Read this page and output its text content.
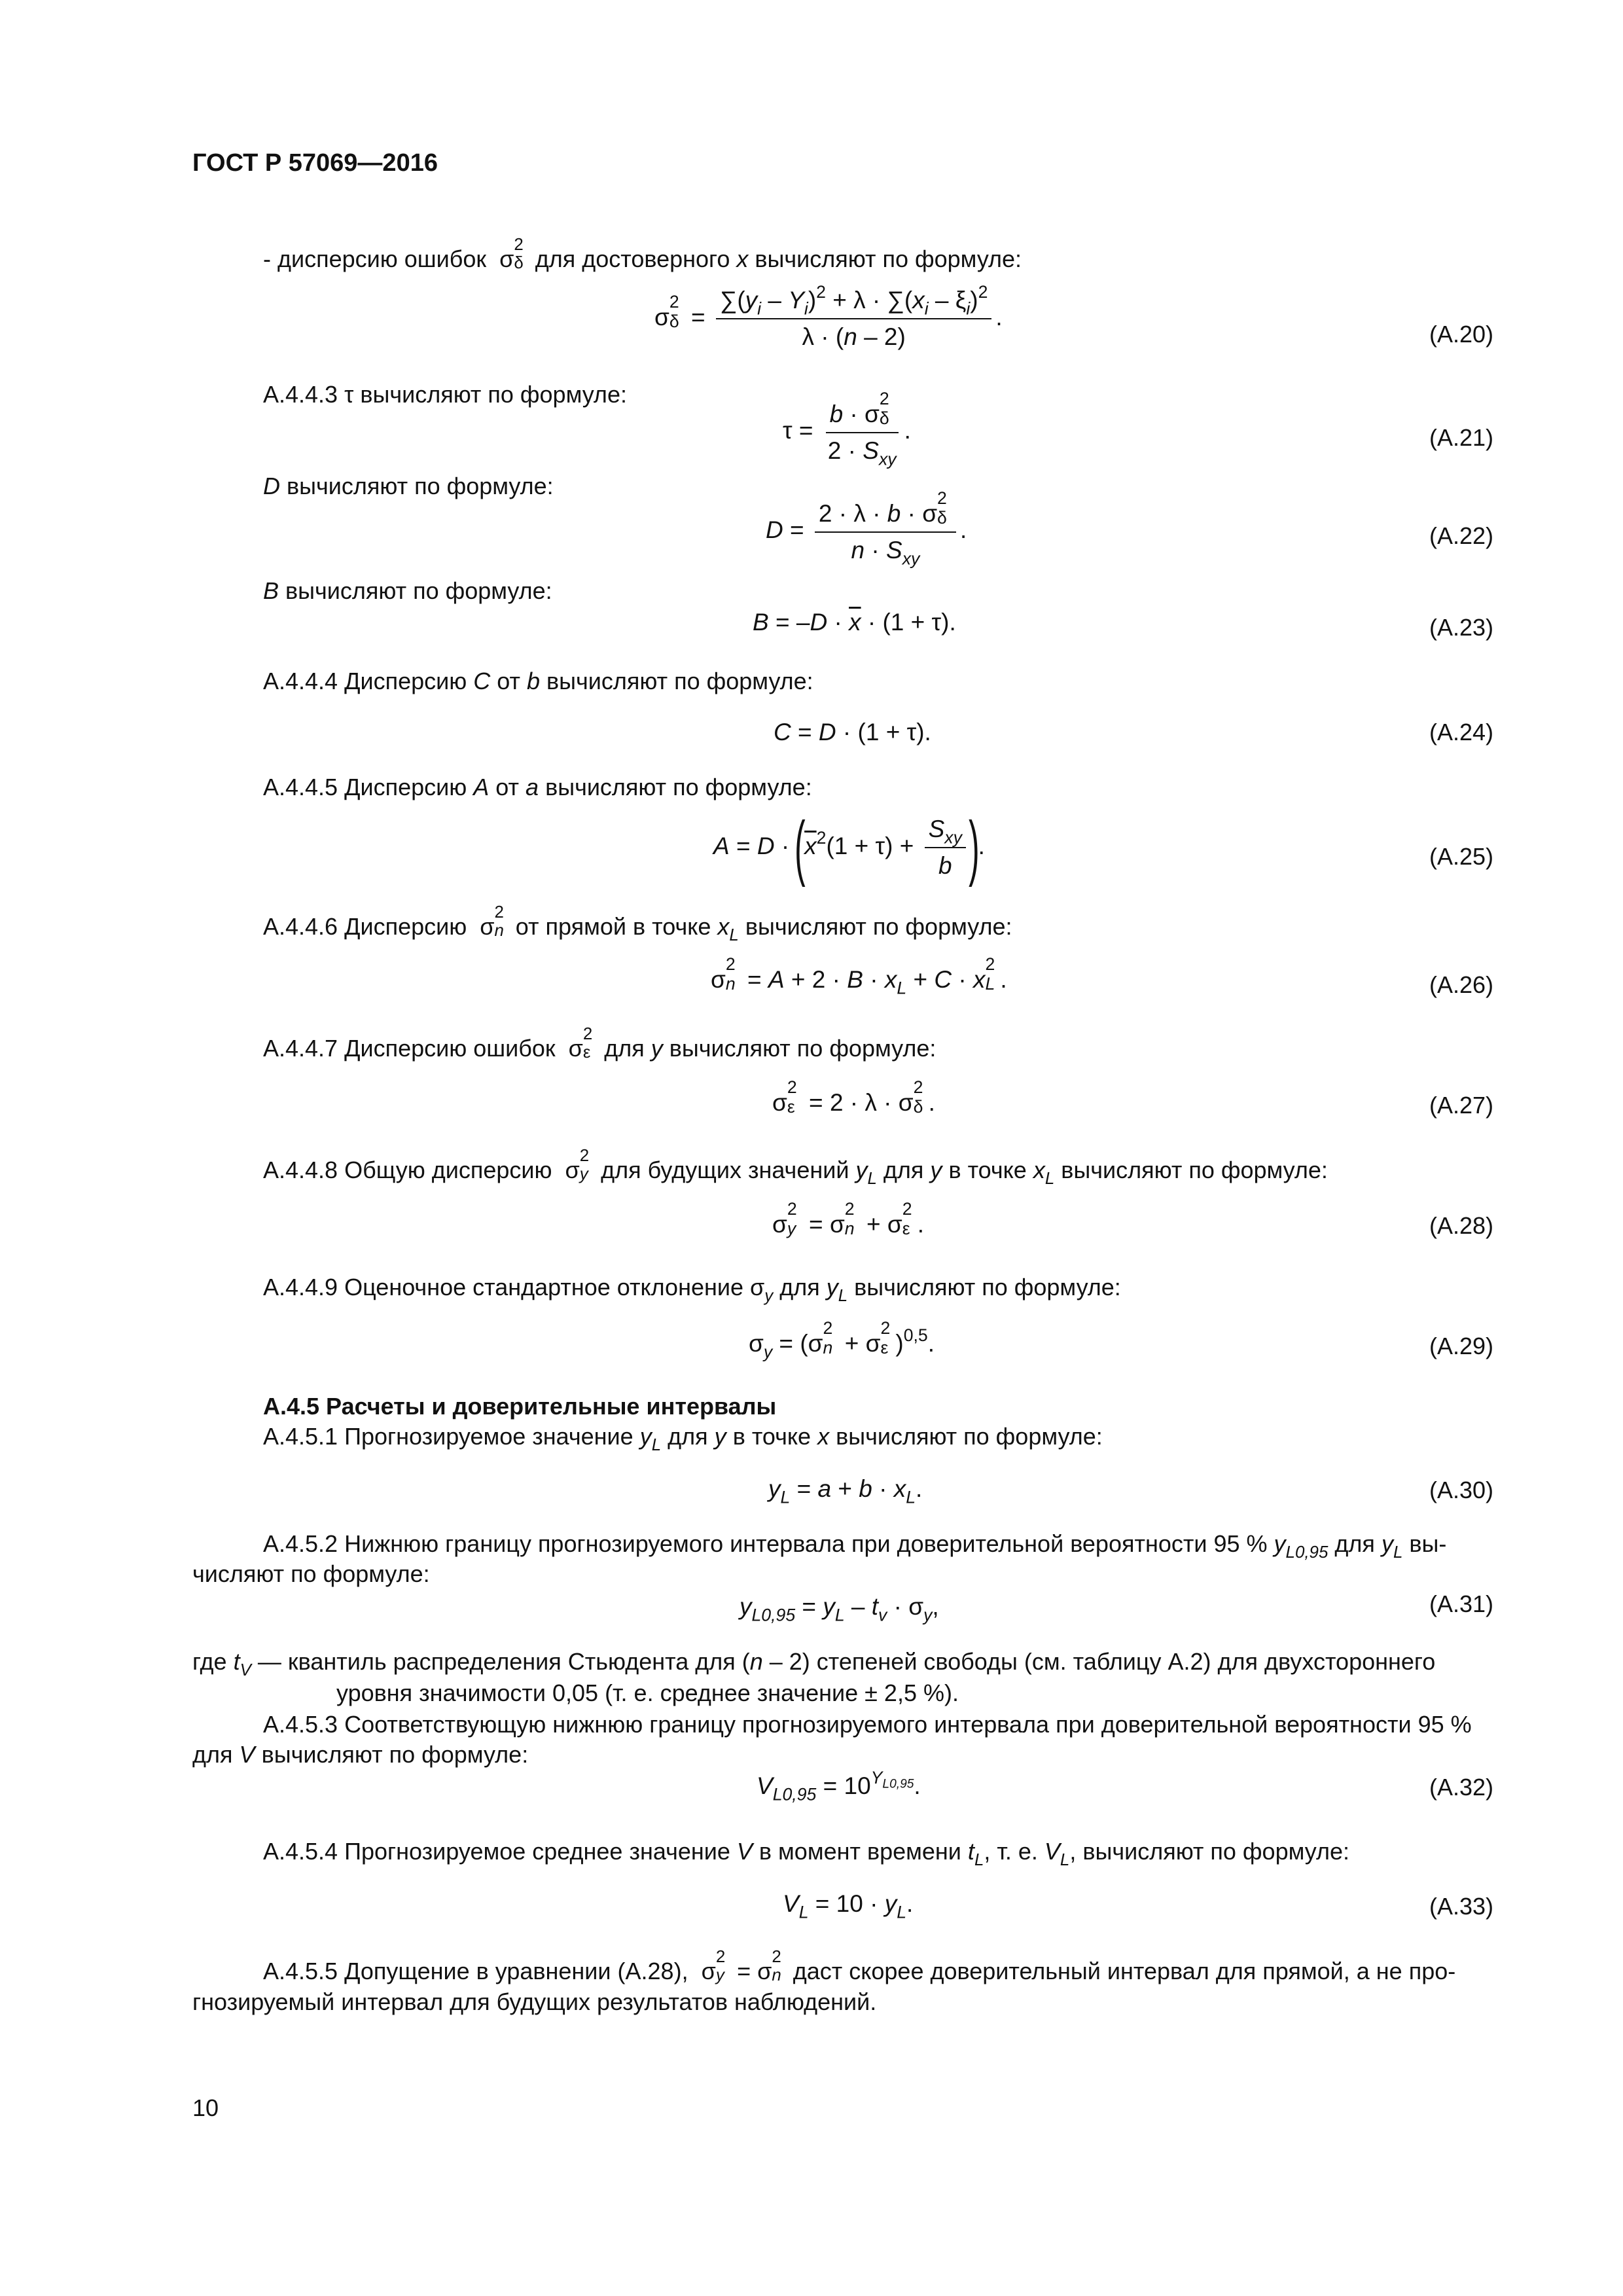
ГОСТ Р 57069—2016
- дисперсию ошибок  σ
2
δ для достоверного x вычисляют по формуле:
σ
2
$\delta = \frac{\sum(y_i - Y_i)^2 + \lambda \cdot \sum(x_i - \xi_i)^2}{\lambda \cdot (n - 2)}$ .
(А.20)
А.4.4.3 τ вычисляют по формуле:
τ = b · σ
2
δ
$2 \cdot S_{xy}$ .	(А.21)
D вычисляют по формуле:
D = 2 · λ · b · σ
2
δ
$n \cdot S_{xy}$ .	(А.22)
B вычисляют по формуле:
$B = -D \cdot \overline{x} \cdot (1 + \tau)$.	(А.23)
А.4.4.4 Дисперсию C от b вычисляют по формуле:
C = D · (1 + τ).	(А.24)
А.4.4.5 Дисперсию A от a вычисляют по формуле:
$A = D \cdot (\overline{x}^2(1 + \tau) + \frac{S_{xy}}{b}$ ).	(А.25)
А.4.4.6 Дисперсию  σ
2
n от прямой в точке $x_L$ вычисляют по формуле:
σ
2
$n = A + 2 \cdot B \cdot x_L + C \cdot x$
2
L .	(А.26)
А.4.4.7 Дисперсию ошибок  σ
2
ε для y вычисляют по формуле:
σ
2
ε = 2 · λ · σ
2
δ .	(А.27)
А.4.4.8 Общую дисперсию  σ
2
y для будущих значений $y_L$ для y в точке $x_L$ вычисляют по формуле:
σ
2
y = σ
2
n + σ
2
ε .	(А.28)
А.4.4.9 Оценочное стандартное отклонение $\sigma_y$ для $y_L$ вычисляют по формуле:
$\sigma_y = (\sigma$
2
n + σ
2
ε )$^{0,5}$.	(А.29)
А.4.5 Расчеты и доверительные интервалы
А.4.5.1 Прогнозируемое значение $y_L$ для y в точке x вычисляют по формуле:
$y_L = a + b \cdot x_L$.	(А.30)
А.4.5.2 Нижнюю границу прогнозируемого интервала при доверительной вероятности 95 % $y_{L0,95}$ для $y_L$ вы-
числяют по формуле:
$y_{L0,95} = y_L - t_v \cdot \sigma_y$,	(А.31)
где $t_V$ — квантиль распределения Стьюдента для (n – 2) степеней свободы (см. таблицу А.2) для двухстороннего
уровня значимости 0,05 (т. е. среднее значение ± 2,5 %).
А.4.5.3 Соответствующую нижнюю границу прогнозируемого интервала при доверительной вероятности 95 %
для V вычисляют по формуле:
$V_{L0,95} = 10^{Y_{L0,95}}$.	(А.32)
А.4.5.4 Прогнозируемое среднее значение V в момент времени $t_L$, т. е. $V_L$, вычисляют по формуле:
$V_L = 10 \cdot y_L$.	(А.33)
А.4.5.5 Допущение в уравнении (А.28),  σ
2
y = σ
2
n даст скорее доверительный интервал для прямой, а не про-
гнозируемый интервал для будущих результатов наблюдений.
10
